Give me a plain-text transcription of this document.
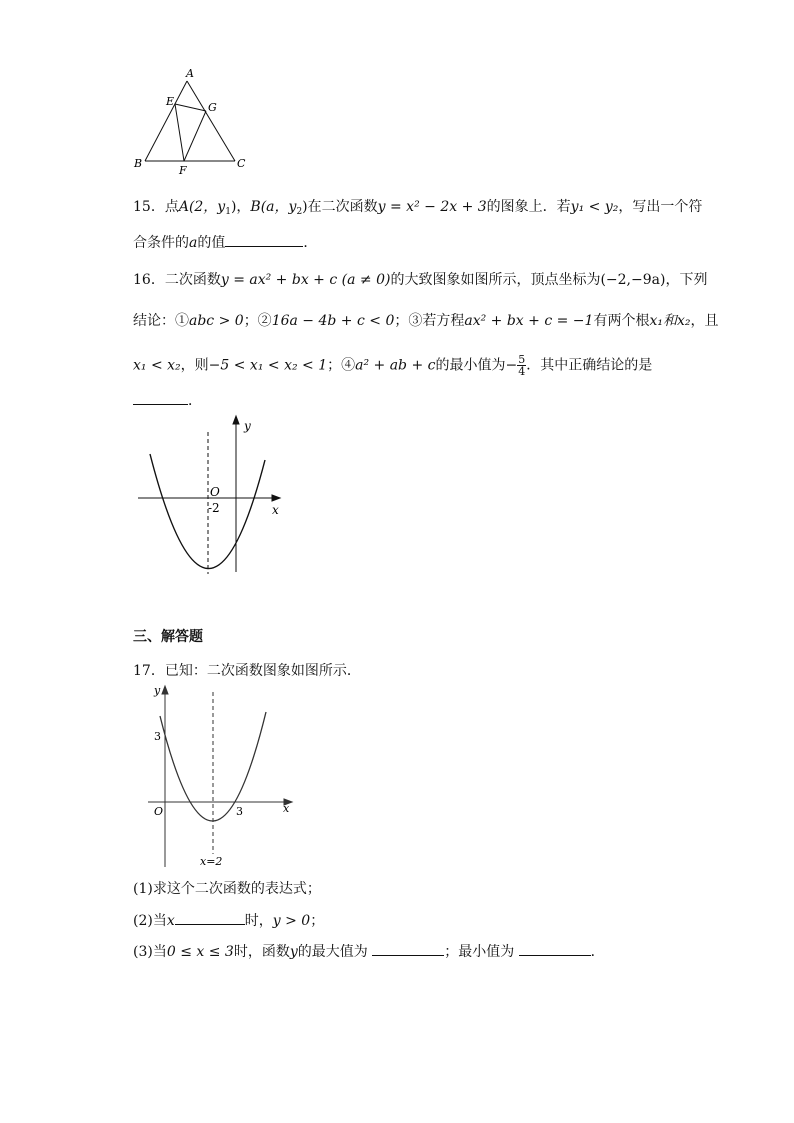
A
E	G
B
F
C
15．点A(2，$y_1$)，B(a，$y_2$)在二次函数y = x² − 2x + 3的图象上．若y₁ < y₂，写出一个符
合条件的a的值	．
16．二次函数y = ax² + bx + c (a ≠ 0)的大致图象如图所示，顶点坐标为(−2,−9a)，下列
结论：①abc > 0；②16a − 4b + c < 0；③若方程ax² + bx + c = −1有两个根x₁和x₂，且
x₁ < x₂，则−5 < x₁ < x₂ < 1；④a² + ab + c的最小值为− $\frac{5}{4}$ ．其中正确结论的是
．
y
x
O
-2
三、解答题
17．已知：二次函数图象如图所示．
y
x
O
3
3
x=2
(1)求这个二次函数的表达式；
(2)当x	时，y > 0；
(3)当0 ≤ x ≤ 3时，函数y的最大值为	；最小值为	．
